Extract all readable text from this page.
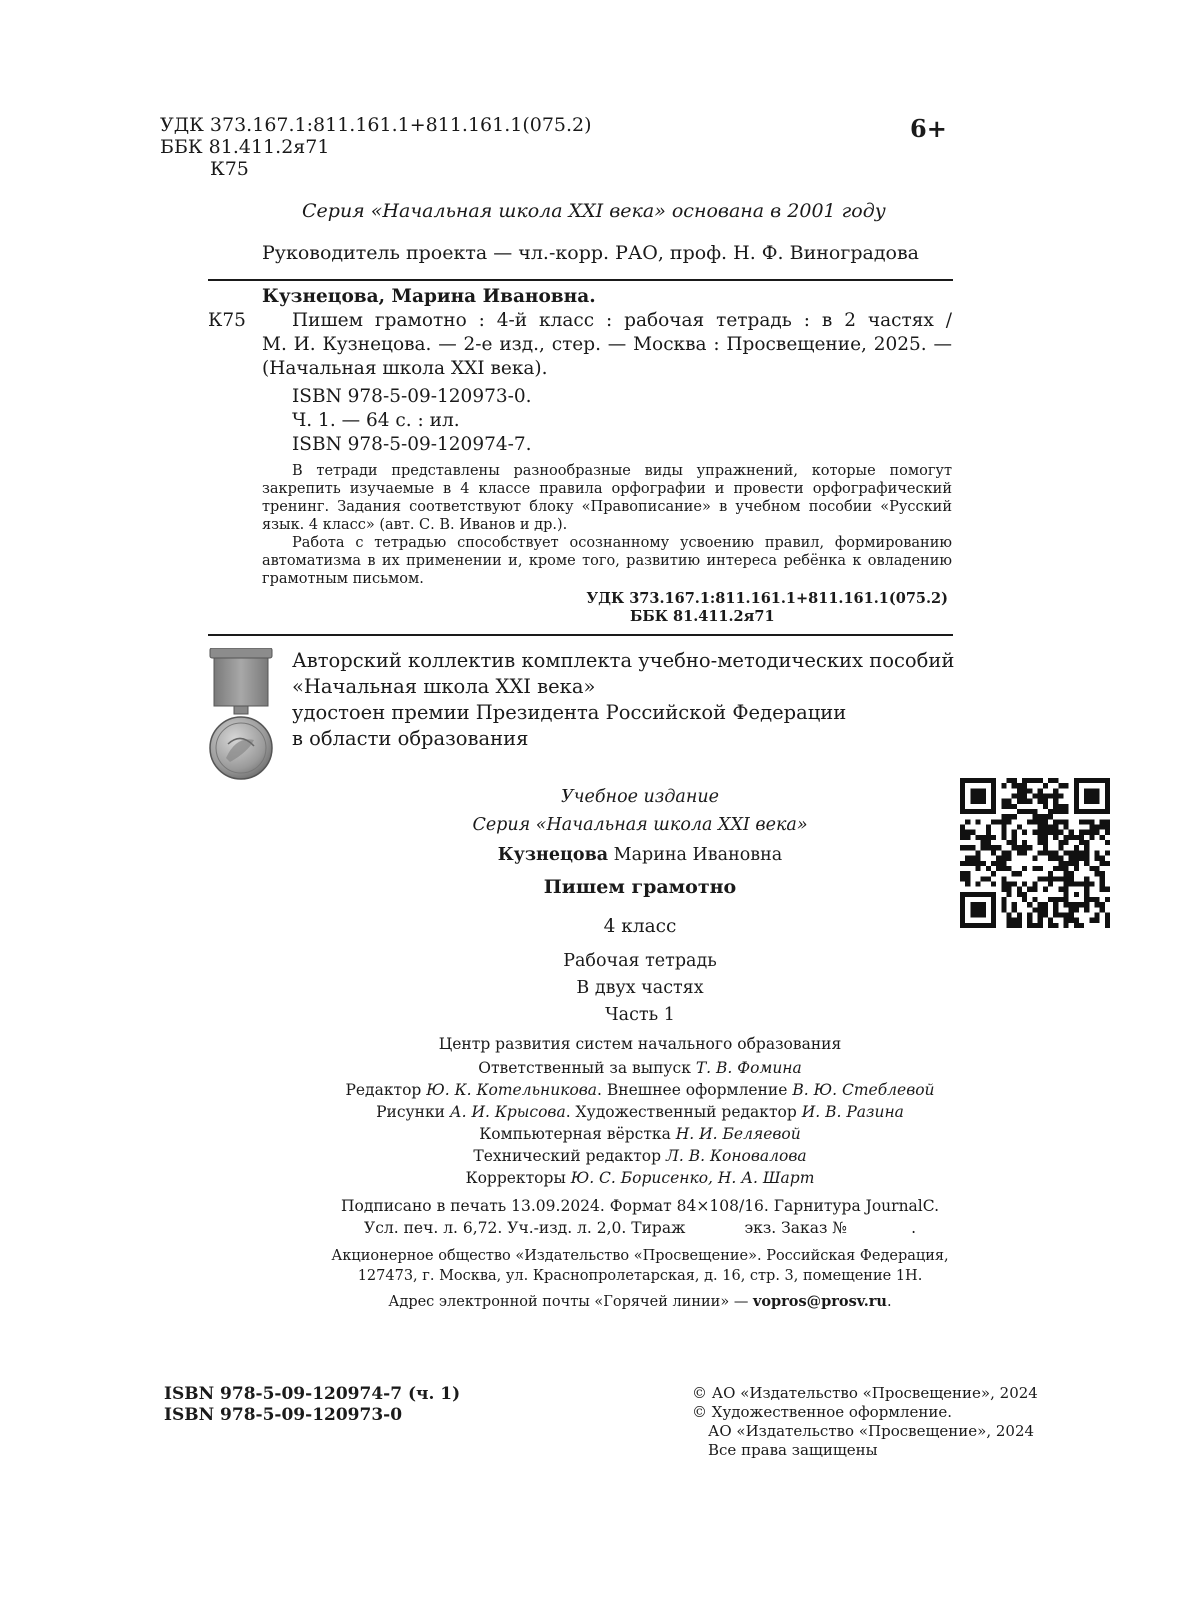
УДК 373.167.1:811.161.1+811.161.1(075.2)
ББК 81.411.2я71
К75
6+
Серия «Начальная школа XXI века» основана в 2001 году
Руководитель проекта — чл.-корр. РАО, проф. Н. Ф. Виноградова
Кузнецова, Марина Ивановна.
К75 Пишем грамотно : 4-й класс : рабочая тетрадь : в 2 частях /
М. И. Кузнецова. — 2-е изд., стер. — Москва : Просвещение, 2025. —
(Начальная школа XXI века).
ISBN 978-5-09-120973-0.
Ч. 1. — 64 с. : ил.
ISBN 978-5-09-120974-7.
В тетради представлены разнообразные виды упражнений, которые помогут
закрепить изучаемые в 4 классе правила орфографии и провести орфографический
тренинг. Задания соответствуют блоку «Правописание» в учебном пособии «Русский
язык. 4 класс» (авт. С. В. Иванов и др.).
Работа с тетрадью способствует осознанному усвоению правил, формированию
автоматизма в их применении и, кроме того, развитию интереса ребёнка к овладению
грамотным письмом.
УДК 373.167.1:811.161.1+811.161.1(075.2)
ББК 81.411.2я71
Авторский коллектив комплекта учебно-методических пособий
«Начальная школа XXI века»
удостоен премии Президента Российской Федерации
в области образования
Учебное издание
Серия «Начальная школа XXI века»
Кузнецова Марина Ивановна
Пишем грамотно
4 класс
Рабочая тетрадь
В двух частях
Часть 1
Центр развития систем начального образования
Ответственный за выпуск Т. В. Фомина
Редактор Ю. К. Котельникова. Внешнее оформление В. Ю. Стеблевой
Рисунки А. И. Крысова. Художественный редактор И. В. Разина
Компьютерная вёрстка Н. И. Беляевой
Технический редактор Л. В. Коновалова
Корректоры Ю. С. Борисенко, Н. А. Шарт
Подписано в печать 13.09.2024. Формат 84×108/16. Гарнитура JournalC.
Усл. печ. л. 6,72. Уч.-изд. л. 2,0. Тираж            экз. Заказ №             .
Акционерное общество «Издательство «Просвещение». Российская Федерация,
127473, г. Москва, ул. Краснопролетарская, д. 16, стр. 3, помещение 1Н.
Адрес электронной почты «Горячей линии» — vopros@prosv.ru.
ISBN 978-5-09-120974-7 (ч. 1)
ISBN 978-5-09-120973-0
© АО «Издательство «Просвещение», 2024
© Художественное оформление.
АО «Издательство «Просвещение», 2024
Все права защищены
